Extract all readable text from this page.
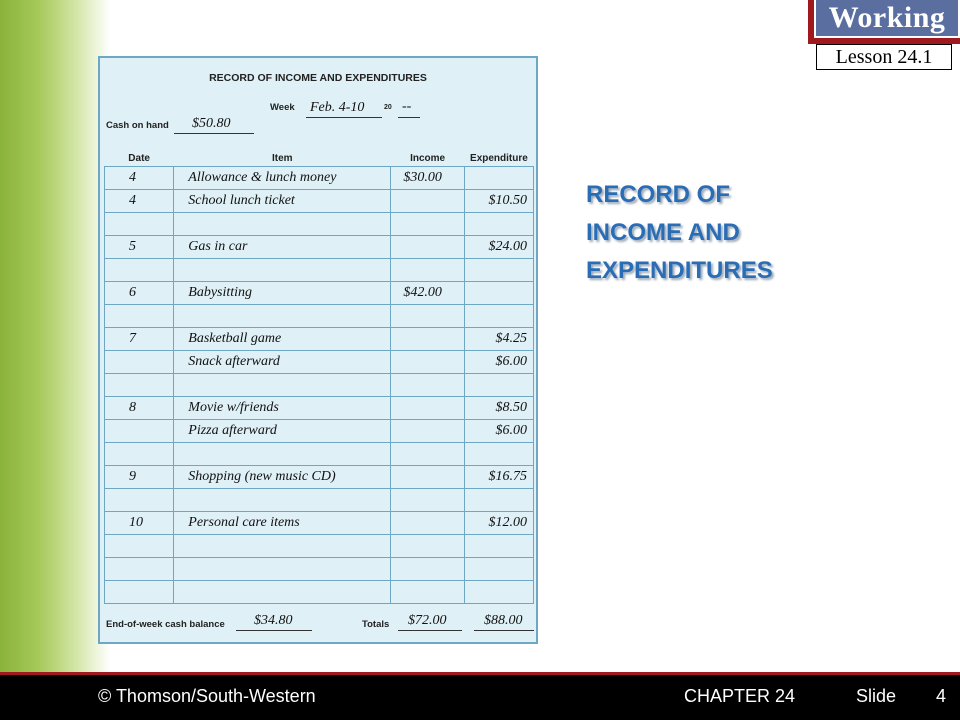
Working
Lesson 24.1
RECORD OF INCOME AND EXPENDITURES
Week Feb. 4-10	20 --
Cash on hand $50.80
Date	Item	Income	Expenditure
4	Allowance & lunch money	$30.00	
4	School lunch ticket		$10.50

5	Gas in car		$24.00

6	Babysitting	$42.00	

7	Basketball game		$4.25
	Snack afterward		$6.00

8	Movie w/friends		$8.50
	Pizza afterward		$6.00

9	Shopping (new music CD)		$16.75

10	Personal care items		$12.00

End-of-week cash balance $34.80	Totals $72.00	$88.00
RECORD OF
INCOME AND
EXPENDITURES
© Thomson/South-Western	CHAPTER 24	Slide 4
